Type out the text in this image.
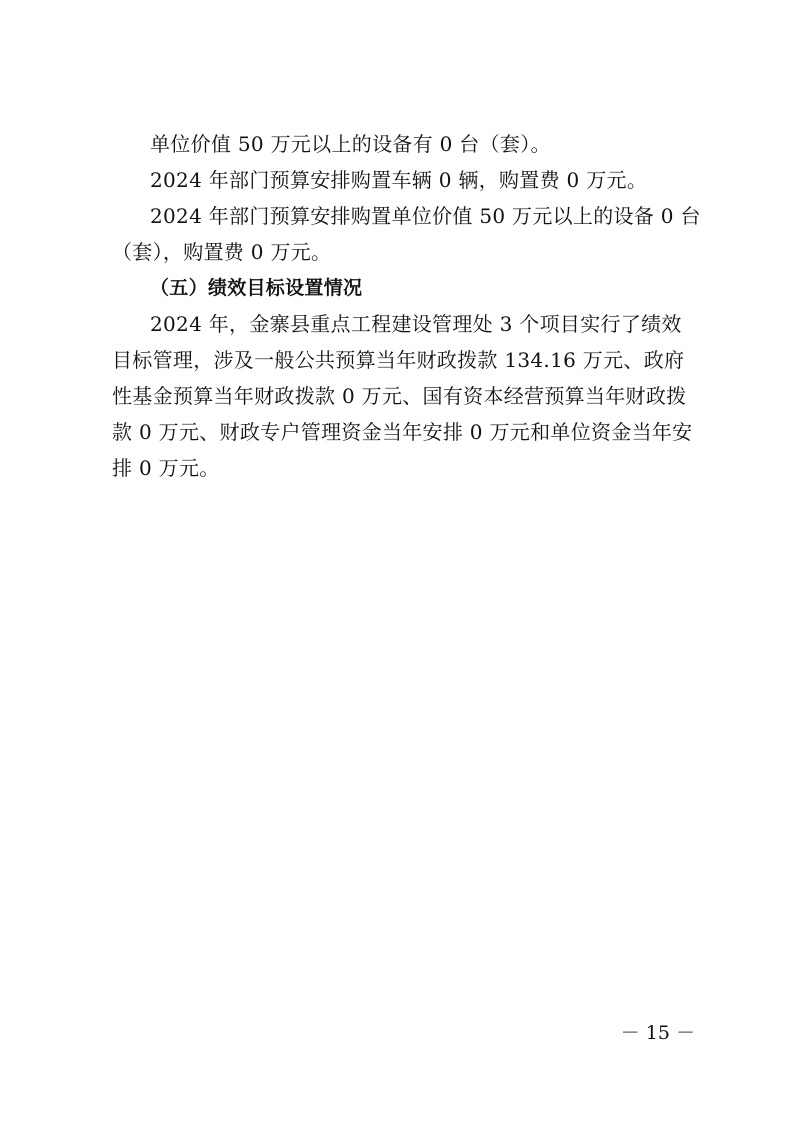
单位价值 50 万元以上的设备有 0 台（套）。
2024 年部门预算安排购置车辆 0 辆，购置费 0 万元。
2024 年部门预算安排购置单位价值 50 万元以上的设备 0 台
（套），购置费 0 万元。
（五）绩效目标设置情况
2024 年，金寨县重点工程建设管理处 3 个项目实行了绩效
目标管理，涉及一般公共预算当年财政拨款 134.16 万元、政府
性基金预算当年财政拨款 0 万元、国有资本经营预算当年财政拨
款 0 万元、财政专户管理资金当年安排 0 万元和单位资金当年安
排 0 万元。
－ 15 －
